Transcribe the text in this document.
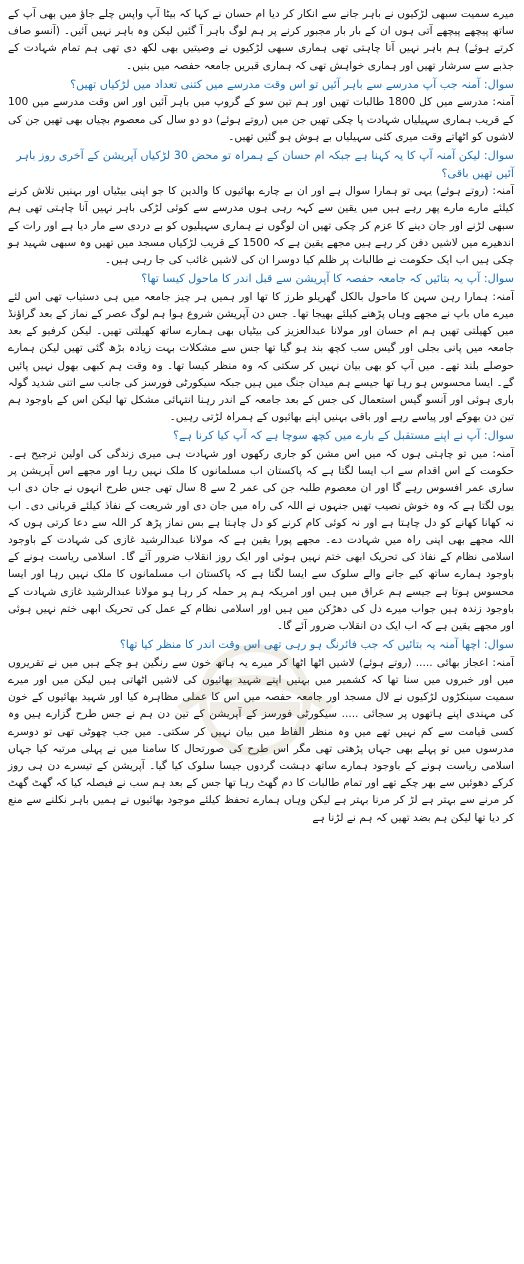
میرے سمیت سبھی لڑکیوں نے باہر جانے سے انکار کر دیا ام حسان نے کہا کہ بیٹا آپ واپس چلے جاؤ میں بھی آپ کے ساتھ پیچھے پیچھے آتی ہوں ان کے بار بار مجبور کرنے پر ہم لوگ باہر آ گئیں لیکن وہ باہر نہیں آئیں۔ (آنسو صاف کرتے ہوئے) ہم باہر نہیں آنا چاہتی تھی ہماری سبھی لڑکیوں نے وصیتیں بھی لکھ دی تھی ہم تمام شہادت کے جذبے سے سرشار تھیں اور ہماری خواہش تھی کہ ہماری قبریں جامعہ حفصہ میں بنیں۔

سوال: آمنہ جب آپ مدرسے سے باہر آئیں تو اس وقت مدرسے میں کتنی تعداد میں لڑکیاں تھیں؟

آمنہ: مدرسے میں کل 1800 طالبات تھیں اور ہم تین سو کے گروپ میں باہر آئیں اور اس وقت مدرسے میں 100 کے قریب ہماری سہیلیاں شہادت پا چکی تھیں جن میں (روتے ہوئے) دو دو سال کی معصوم بچیاں بھی تھیں جن کی لاشوں کو اٹھاتے وقت میری کئی سہیلیاں بے ہوش ہو گئیں تھیں۔

سوال: لیکن آمنہ آپ کا یہ کہنا ہے جبکہ ام حسان کے ہمراہ تو محض 30 لڑکیاں آپریشن کے آخری روز باہر آئیں تھیں باقی؟

آمنہ: (روتے ہوئے) یہی تو ہمارا سوال ہے اور ان بے چارے بھائیوں کا والدین کا جو اپنی بیٹیاں اور بہنیں تلاش کرنے کیلئے مارے مارے پھر رہے ہیں میں یقین سے کہہ رہی ہوں مدرسے سے کوئی لڑکی باہر نہیں آنا چاہتی تھی ہم سبھی لڑنے اور جان دینے کا عزم کر چکی تھیں ان لوگوں نے ہماری سہیلیوں کو بے دردی سے مار دیا ہے اور رات کے اندھیرے میں لاشیں دفن کر رہے ہیں مجھے یقین ہے کہ 1500 کے قریب لڑکیاں مسجد میں تھیں وہ سبھی شہید ہو چکی ہیں اب ایک حکومت نے طالبات پر ظلم کیا دوسرا ان کی لاشیں غائب کی جا رہی ہیں۔

سوال: آپ یہ بتائیں کہ جامعہ حفصہ کا آپریشن سے قبل اندر کا ماحول کیسا تھا؟

آمنہ: ہمارا رہن سہن کا ماحول بالکل گھریلو طرز کا تھا اور ہمیں ہر چیز جامعہ میں ہی دستیاب تھی اس لئے میرے ماں باپ نے مجھے وہاں پڑھنے کیلئے بھیجا تھا۔ جس دن آپریشن شروع ہوا ہم لوگ عصر کے نماز کے بعد گراؤنڈ میں کھیلتی تھیں ہم ام حسان اور مولانا عبدالعزیز کی بیٹیاں بھی ہمارے ساتھ کھیلتی تھیں۔ لیکن کرفیو کے بعد جامعہ میں پانی بجلی اور گیس سب کچھ بند ہو گیا تھا جس سے مشکلات بہت زیادہ بڑھ گئی تھیں لیکن ہمارے حوصلے بلند تھے۔ میں آپ کو بھی بیان نہیں کر سکتی کہ وہ منظر کیسا تھا۔ وہ وقت ہم کبھی بھول نہیں پائیں گے۔ ایسا محسوس ہو رہا تھا جیسے ہم میدان جنگ میں ہیں جبکہ سیکورٹی فورسز کی جانب سے اتنی شدید گولہ باری ہوئی اور آنسو گیس استعمال کی جس کے بعد جامعہ کے اندر رہنا انتہائی مشکل تھا لیکن اس کے باوجود ہم تین دن بھوکے اور پیاسے رہے اور باقی بہنیں اپنے بھائیوں کے ہمراہ لڑتی رہیں۔

سوال: آپ نے اپنے مستقبل کے بارے میں کچھ سوچا ہے کہ آپ کیا کرنا ہے؟

آمنہ: میں تو چاہتی ہوں کہ میں اس مشن کو جاری رکھوں اور شہادت ہی میری زندگی کی اولین ترجیح ہے۔ حکومت کے اس اقدام سے اب ایسا لگتا ہے کہ پاکستان اب مسلمانوں کا ملک نہیں رہا اور مجھے اس آپریشن پر ساری عمر افسوس رہے گا اور ان معصوم طلبہ جن کی عمر 2 سے 8 سال تھی جس طرح انہوں نے جان دی اب یوں لگتا ہے کہ وہ خوش نصیب تھیں جنہوں نے اللہ کی راہ میں جان دی اور شریعت کے نفاذ کیلئے قربانی دی۔ اب نہ کھانا کھانے کو دل چاہتا ہے اور نہ کوئی کام کرنے کو دل چاہتا ہے بس نماز پڑھ کر اللہ سے دعا کرتی ہوں کہ اللہ مجھے بھی اپنی راہ میں شہادت دے۔ مجھے پورا یقین ہے کہ مولانا عبدالرشید غازی کی شہادت کے باوجود اسلامی نظام کے نفاذ کی تحریک ابھی ختم نہیں ہوئی اور ایک روز انقلاب ضرور آئے گا۔ اسلامی ریاست ہونے کے باوجود ہمارے ساتھ کیے جانے والے سلوک سے ایسا لگتا ہے کہ پاکستان اب مسلمانوں کا ملک نہیں رہا اور ایسا محسوس ہوتا ہے جیسے ہم عراق میں ہیں اور امریکہ ہم پر حملہ کر رہا ہو مولانا عبدالرشید غازی شہادت کے باوجود زندہ ہیں جواب میرے دل کی دھڑکن میں ہیں اور اسلامی نظام کے عمل کی تحریک ابھی ختم نہیں ہوئی اور مجھے یقین ہے کہ اب ایک دن انقلاب ضرور آئے گا۔

سوال: اچھا آمنہ یہ بتائیں کہ جب فائرنگ ہو رہی تھی اس وقت اندر کا منظر کیا تھا؟

آمنہ: اعجاز بھائی ..... (روتے ہوئے) لاشیں اٹھا اٹھا کر میرے یہ ہاتھ خون سے رنگین ہو چکے ہیں میں نے تقریروں میں اور خبروں میں سنا تھا کہ کشمیر میں بہنیں اپنے شہید بھائیوں کی لاشیں اٹھاتی ہیں لیکن میں اور میرے سمیت سینکڑوں لڑکیوں نے لال مسجد اور جامعہ حفصہ میں اس کا عملی مظاہرہ کیا اور شہید بھائیوں کے خون کی مہندی اپنے ہاتھوں پر سجائی ..... سیکورٹی فورسز کے آپریشن کے تین دن ہم نے جس طرح گزارے ہیں وہ کسی قیامت سے کم نہیں تھے میں وہ منظر الفاظ میں بیان نہیں کر سکتی۔ میں جب چھوٹی تھی تو دوسرے مدرسوں میں تو پہلے بھی جہاں پڑھتی تھی مگر اس طرح کی صورتحال کا سامنا میں نے پہلی مرتبہ کیا جہاں اسلامی ریاست ہونے کے باوجود ہمارے ساتھ دہشت گردوں جیسا سلوک کیا گیا۔ آپریشن کے تیسرے دن ہی روز کرکے دھوئیں سے بھر چکے تھے اور تمام طالبات کا دم گھٹ رہا تھا جس کے بعد ہم سب نے فیصلہ کیا کہ گھٹ گھٹ کر مرنے سے بہتر ہے لڑ کر مرنا بہتر ہے لیکن وہاں ہمارے تحفظ کیلئے موجود بھائیوں نے ہمیں باہر نکلنے سے منع کر دیا تھا لیکن ہم بضد تھیں کہ ہم نے لڑنا ہے
